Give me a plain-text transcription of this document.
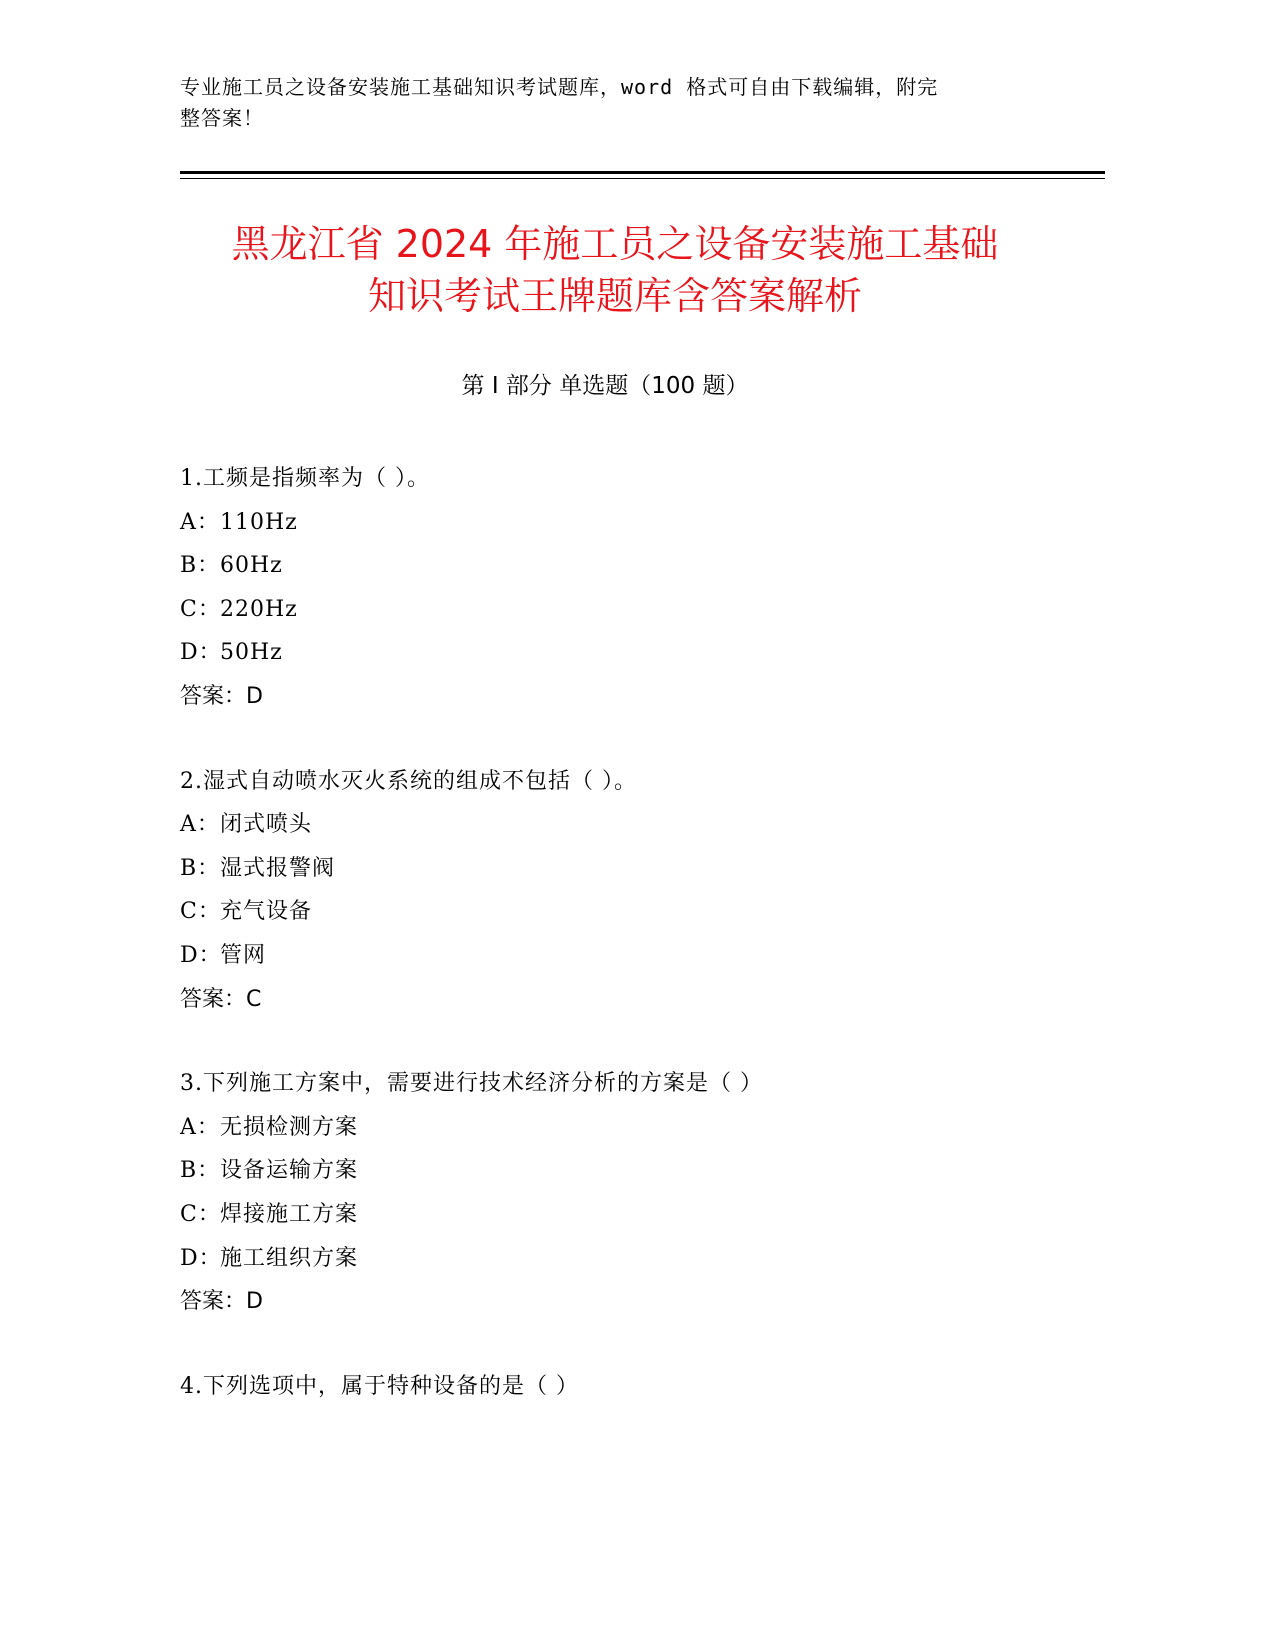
专业施工员之设备安装施工基础知识考试题库，word 格式可自由下载编辑，附完
整答案！
黑龙江省 2024 年施工员之设备安装施工基础
知识考试王牌题库含答案解析
第 I 部分 单选题（100 题）
1.工频是指频率为（ ）。
A：110Hz
B：60Hz
C：220Hz
D：50Hz
答案：D
2.湿式自动喷水灭火系统的组成不包括（ ）。
A：闭式喷头
B：湿式报警阀
C：充气设备
D：管网
答案：C
3.下列施工方案中，需要进行技术经济分析的方案是（ ）
A：无损检测方案
B：设备运输方案
C：焊接施工方案
D：施工组织方案
答案：D
4.下列选项中，属于特种设备的是（ ）
